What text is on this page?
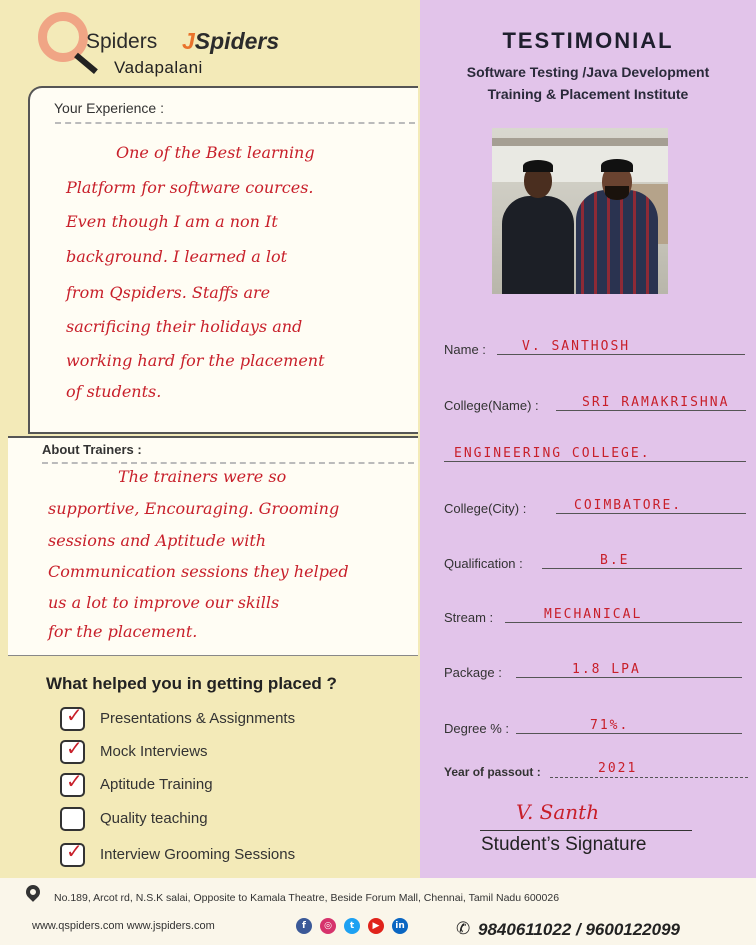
Spiders JSpiders
Vadapalani
TESTIMONIAL
Software Testing /Java Development
Training & Placement Institute
Your Experience :
One of the Best learning
Platform for software cources.
Even though I am a non It
background. I learned a lot
from Qspiders. Staffs are
sacrificing their holidays and
working hard for the placement
of students.
About Trainers :
The trainers were so
supportive, Encouraging. Grooming
sessions and Aptitude with
Communication sessions they helped
us a lot to improve our skills
for the placement.
What helped you in getting placed ?
✓ Presentations & Assignments
✓ Mock Interviews
✓ Aptitude Training
Quality teaching
✓ Interview Grooming Sessions
Name :	V. SANTHOSH
College(Name) :	SRI RAMAKRISHNA
ENGINEERING COLLEGE.
College(City) :	COIMBATORE.
Qualification :	B.E
Stream :	MECHANICAL
Package :	1.8 LPA
Degree % :	71%.
Year of passout :	2021
V. Santh
Student’s Signature
No.189, Arcot rd, N.S.K salai, Opposite to Kamala Theatre, Beside Forum Mall, Chennai, Tamil Nadu 600026
www.qspiders.com www.jspiders.com	f	◎	t	▶	in	✆ 9840611022 / 9600122099
